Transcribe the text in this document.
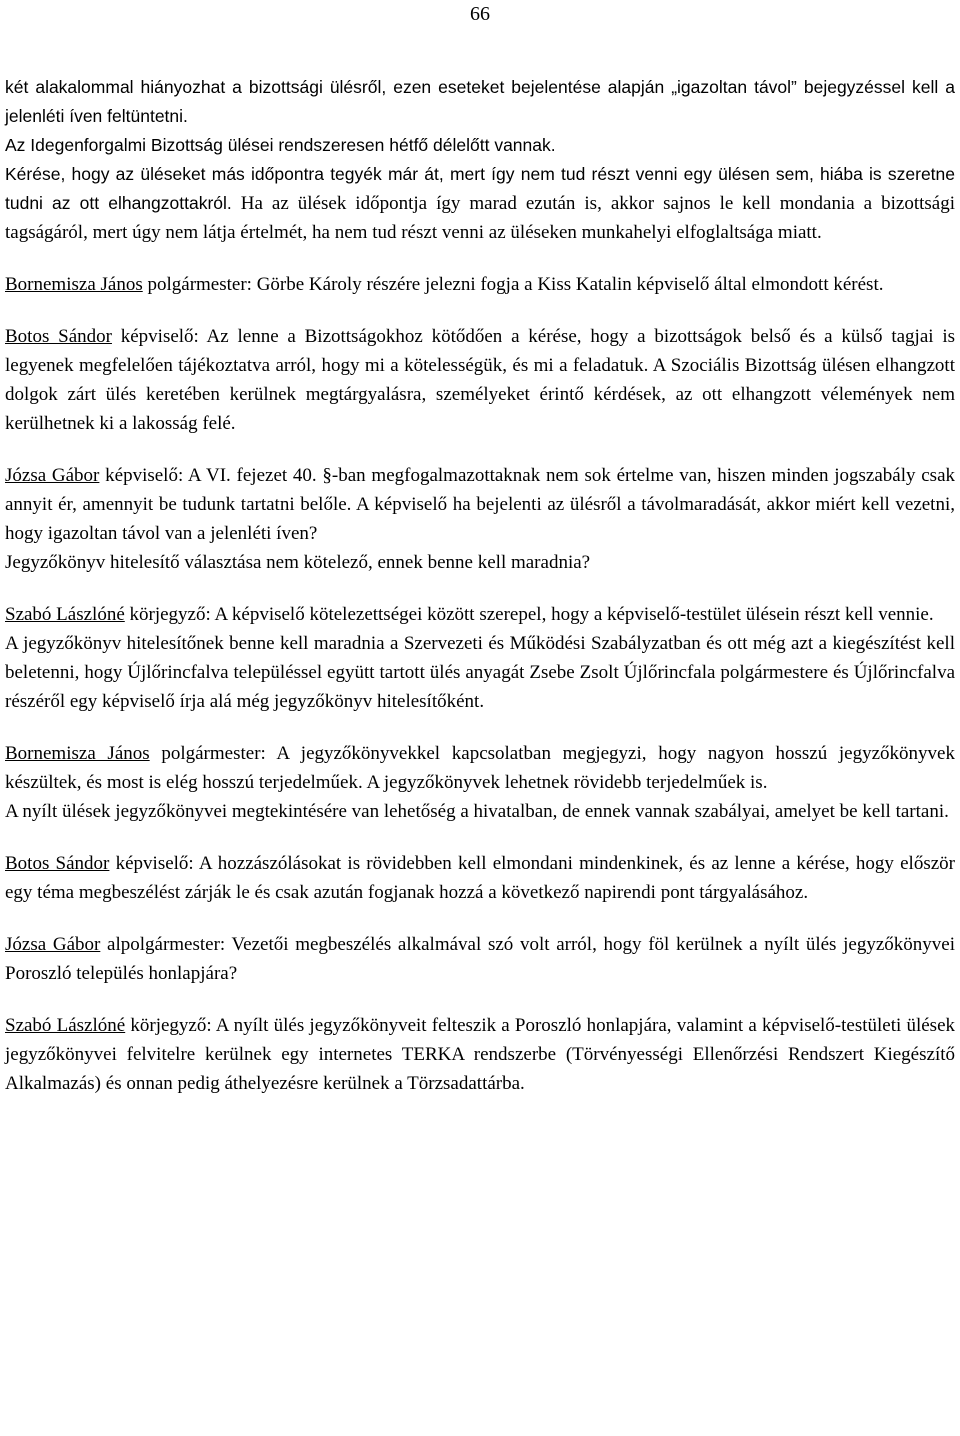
66

két alakalommal hiányozhat a bizottsági ülésről, ezen eseteket bejelentése alapján „igazoltan távol” bejegyzéssel kell a jelenléti íven feltüntetni.

Az Idegenforgalmi Bizottság ülései rendszeresen hétfő délelőtt vannak.

Kérése, hogy az üléseket más időpontra tegyék már át, mert így nem tud részt venni egy ülésen sem, hiába is szeretne tudni az ott elhangzottakról. Ha az ülések időpontja így marad ezután is, akkor sajnos le kell mondania a bizottsági tagságáról, mert úgy nem látja értelmét, ha nem tud részt venni az üléseken munkahelyi elfoglaltsága miatt.

Bornemisza János polgármester: Görbe Károly részére jelezni fogja a Kiss Katalin képviselő által elmondott kérést.

Botos Sándor képviselő: Az lenne a Bizottságokhoz kötődően a kérése, hogy a bizottságok belső és a külső tagjai is legyenek megfelelően tájékoztatva arról, hogy mi a kötelességük, és mi a feladatuk. A Szociális Bizottság ülésen elhangzott dolgok zárt ülés keretében kerülnek megtárgyalásra, személyeket érintő kérdések, az ott elhangzott vélemények nem kerülhetnek ki a lakosság felé.

Józsa Gábor képviselő: A VI. fejezet 40. §-ban megfogalmazottaknak nem sok értelme van, hiszen minden jogszabály csak annyit ér, amennyit be tudunk tartatni belőle. A képviselő ha bejelenti az ülésről a távolmaradását, akkor miért kell vezetni, hogy igazoltan távol van a jelenléti íven?

Jegyzőkönyv hitelesítő választása nem kötelező, ennek benne kell maradnia?

Szabó Lászlóné körjegyző: A képviselő kötelezettségei között szerepel, hogy a képviselő-testület ülésein részt kell vennie.

A jegyzőkönyv hitelesítőnek benne kell maradnia a Szervezeti és Működési Szabályzatban és ott még azt a kiegészítést kell beletenni, hogy Újlőrincfalva településsel együtt tartott ülés anyagát Zsebe Zsolt Újlőrincfala polgármestere és Újlőrincfalva részéről egy képviselő írja alá még jegyzőkönyv hitelesítőként.

Bornemisza János polgármester: A jegyzőkönyvekkel kapcsolatban megjegyzi, hogy nagyon hosszú jegyzőkönyvek készültek, és most is elég hosszú terjedelműek. A jegyzőkönyvek lehetnek rövidebb terjedelműek is.

A nyílt ülések jegyzőkönyvei megtekintésére van lehetőség a hivatalban, de ennek vannak szabályai, amelyet be kell tartani.

Botos Sándor képviselő: A hozzászólásokat is rövidebben kell elmondani mindenkinek, és az lenne a kérése, hogy először egy téma megbeszélést zárják le és csak azután fogjanak hozzá a következő napirendi pont tárgyalásához.

Józsa Gábor alpolgármester: Vezetői megbeszélés alkalmával szó volt arról, hogy föl kerülnek a nyílt ülés jegyzőkönyvei Poroszló település honlapjára?

Szabó Lászlóné körjegyző: A nyílt ülés jegyzőkönyveit felteszik a Poroszló honlapjára, valamint a képviselő-testületi ülések jegyzőkönyvei felvitelre kerülnek egy internetes TERKA rendszerbe (Törvényességi Ellenőrzési Rendszert Kiegészítő Alkalmazás) és onnan pedig áthelyezésre kerülnek a Törzsadattárba.
